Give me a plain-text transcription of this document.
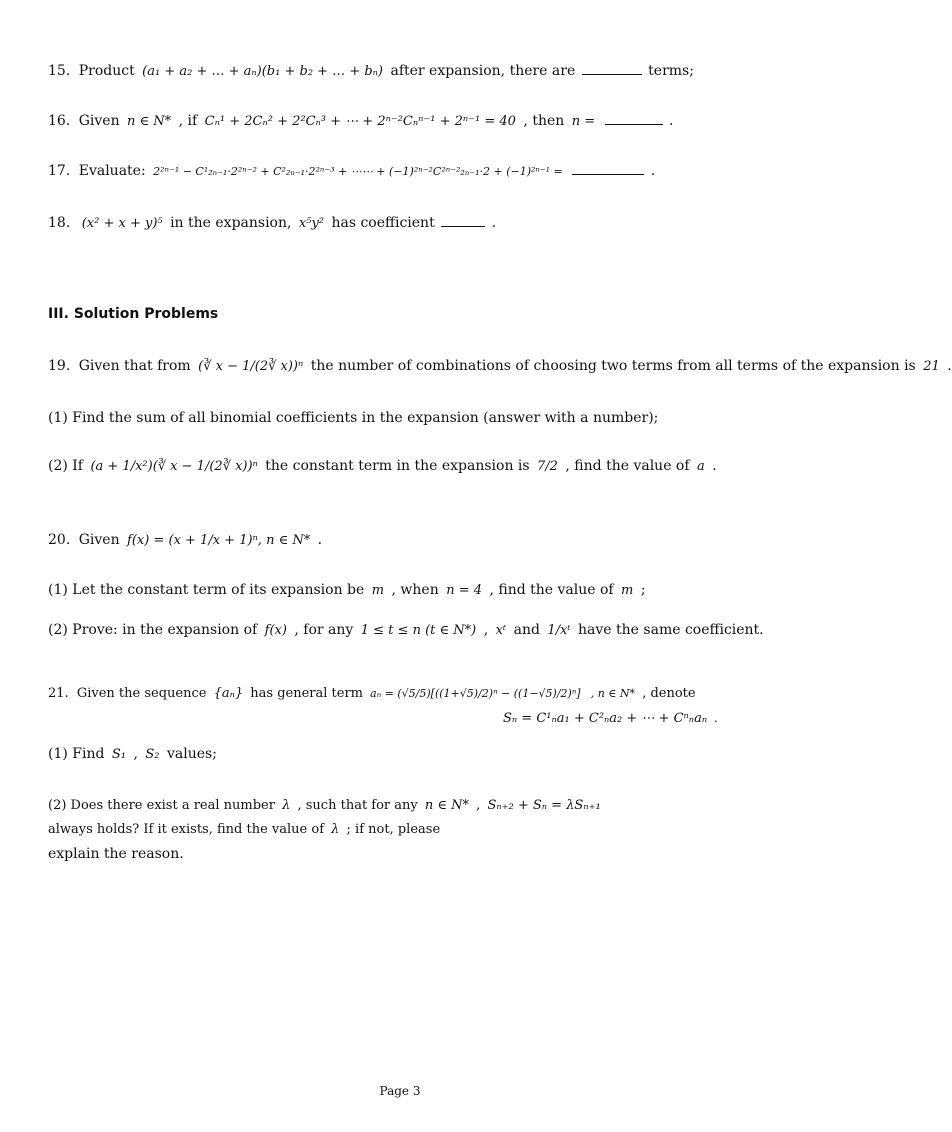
15. Product (a₁ + a₂ + … + aₙ)(b₁ + b₂ + … + bₙ) after expansion, there are	terms;
16. Given n ∈ N* , if Cₙ¹ + 2Cₙ² + 2²Cₙ³ + ⋯ + 2ⁿ⁻²Cₙⁿ⁻¹ + 2ⁿ⁻¹ = 40 , then n =	.
17. Evaluate: 2²ⁿ⁻¹ − C¹₂ₙ₋₁·2²ⁿ⁻² + C²₂ₙ₋₁·2²ⁿ⁻³ + ⋯⋯ + (−1)²ⁿ⁻²C²ⁿ⁻²₂ₙ₋₁·2 + (−1)²ⁿ⁻¹ =	.
18. (x² + x + y)⁵ in the expansion, x⁵y² has coefficient	.
III. Solution Problems
19. Given that from (∛ x − 1/(2∛ x))ⁿ the number of combinations of choosing two terms from all terms of the expansion is 21 .
(1) Find the sum of all binomial coefficients in the expansion (answer with a number);
(2) If (a + 1/x²)(∛ x − 1/(2∛ x))ⁿ the constant term in the expansion is 7/2 , find the value of a .
20. Given f(x) = (x + 1/x + 1)ⁿ, n ∈ N* .
(1) Let the constant term of its expansion be m , when n = 4 , find the value of m ;
(2) Prove: in the expansion of f(x) , for any 1 ≤ t ≤ n (t ∈ N*) , xᵗ and 1/xᵗ have the same coefficient.
21. Given the sequence {aₙ} has general term aₙ = (√5/5)[((1+√5)/2)ⁿ − ((1−√5)/2)ⁿ] , n ∈ N* , denote
Sₙ = C¹ₙa₁ + C²ₙa₂ + ⋯ + Cⁿₙaₙ .
(1) Find S₁ , S₂ values;
(2) Does there exist a real number λ , such that for any n ∈ N* , Sₙ₊₂ + Sₙ = λSₙ₊₁
always holds? If it exists, find the value of λ ; if not, please
explain the reason.
Page 3
